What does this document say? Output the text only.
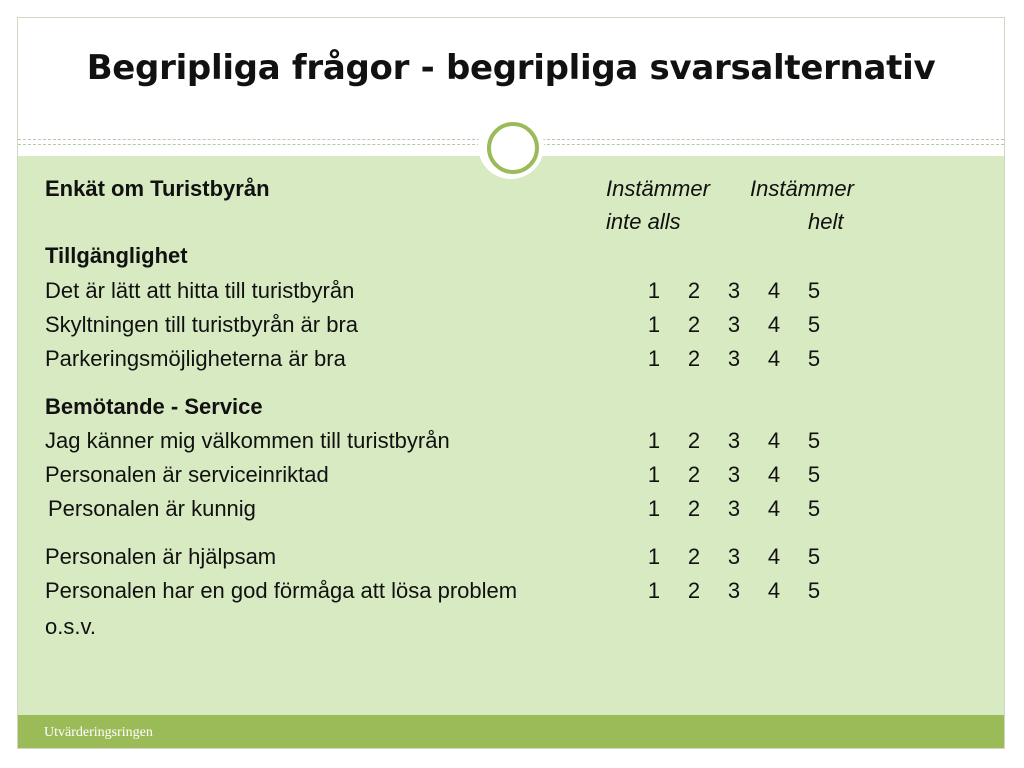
Begripliga frågor - begripliga svarsalternativ
Enkät om Turistbyrån	Instämmer Instämmer
inte alls	helt
Tillgänglighet
Det är lätt att hitta till turistbyrån
Skyltningen till turistbyrån är bra
Parkeringsmöjligheterna är bra
Bemötande - Service
Jag känner mig välkommen till turistbyrån
Personalen är serviceinriktad
Personalen är kunnig
Personalen är hjälpsam
Personalen har en god förmåga att lösa problem
o.s.v.
1 2 3 4 5
1 2 3 4 5
1 2 3 4 5
1 2 3 4 5
1 2 3 4 5
1 2 3 4 5
1 2 3 4 5
1 2 3 4 5
Utvärderingsringen
